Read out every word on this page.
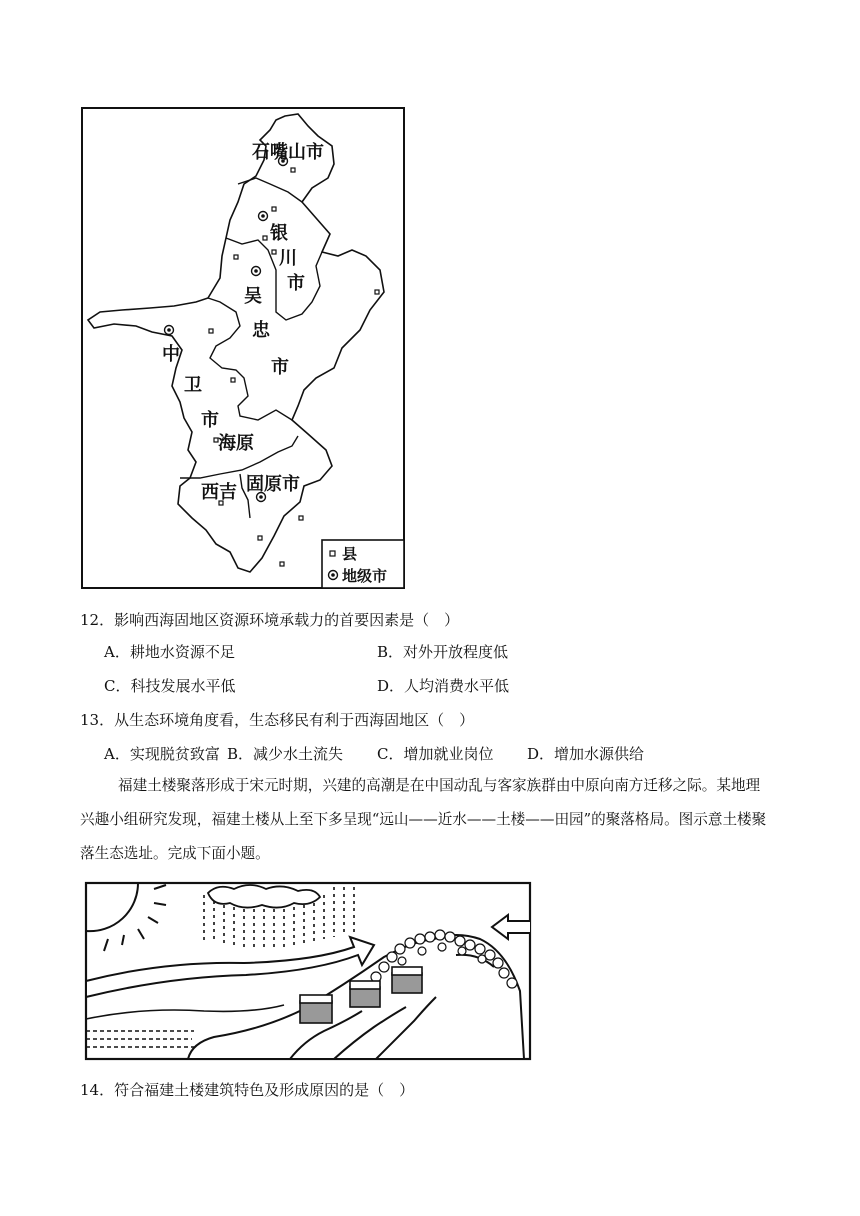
石嘴山市
银
川
市
吴
忠
市
中
卫
市
海原
西吉 固原市
县
地级市
12．影响西海固地区资源环境承载力的首要因素是（　）
A．耕地水资源不足	B．对外开放程度低
C．科技发展水平低	D．人均消费水平低
13．从生态环境角度看，生态移民有利于西海固地区（　）
A．实现脱贫致富 B．减少水土流失 C．增加就业岗位 D．增加水源供给
福建土楼聚落形成于宋元时期，兴建的高潮是在中国动乱与客家族群由中原向南方迁移之际。某地理
兴趣小组研究发现，福建土楼从上至下多呈现“远山——近水——土楼——田园”的聚落格局。图示意土楼聚
落生态选址。完成下面小题。
14．符合福建土楼建筑特色及形成原因的是（　）
